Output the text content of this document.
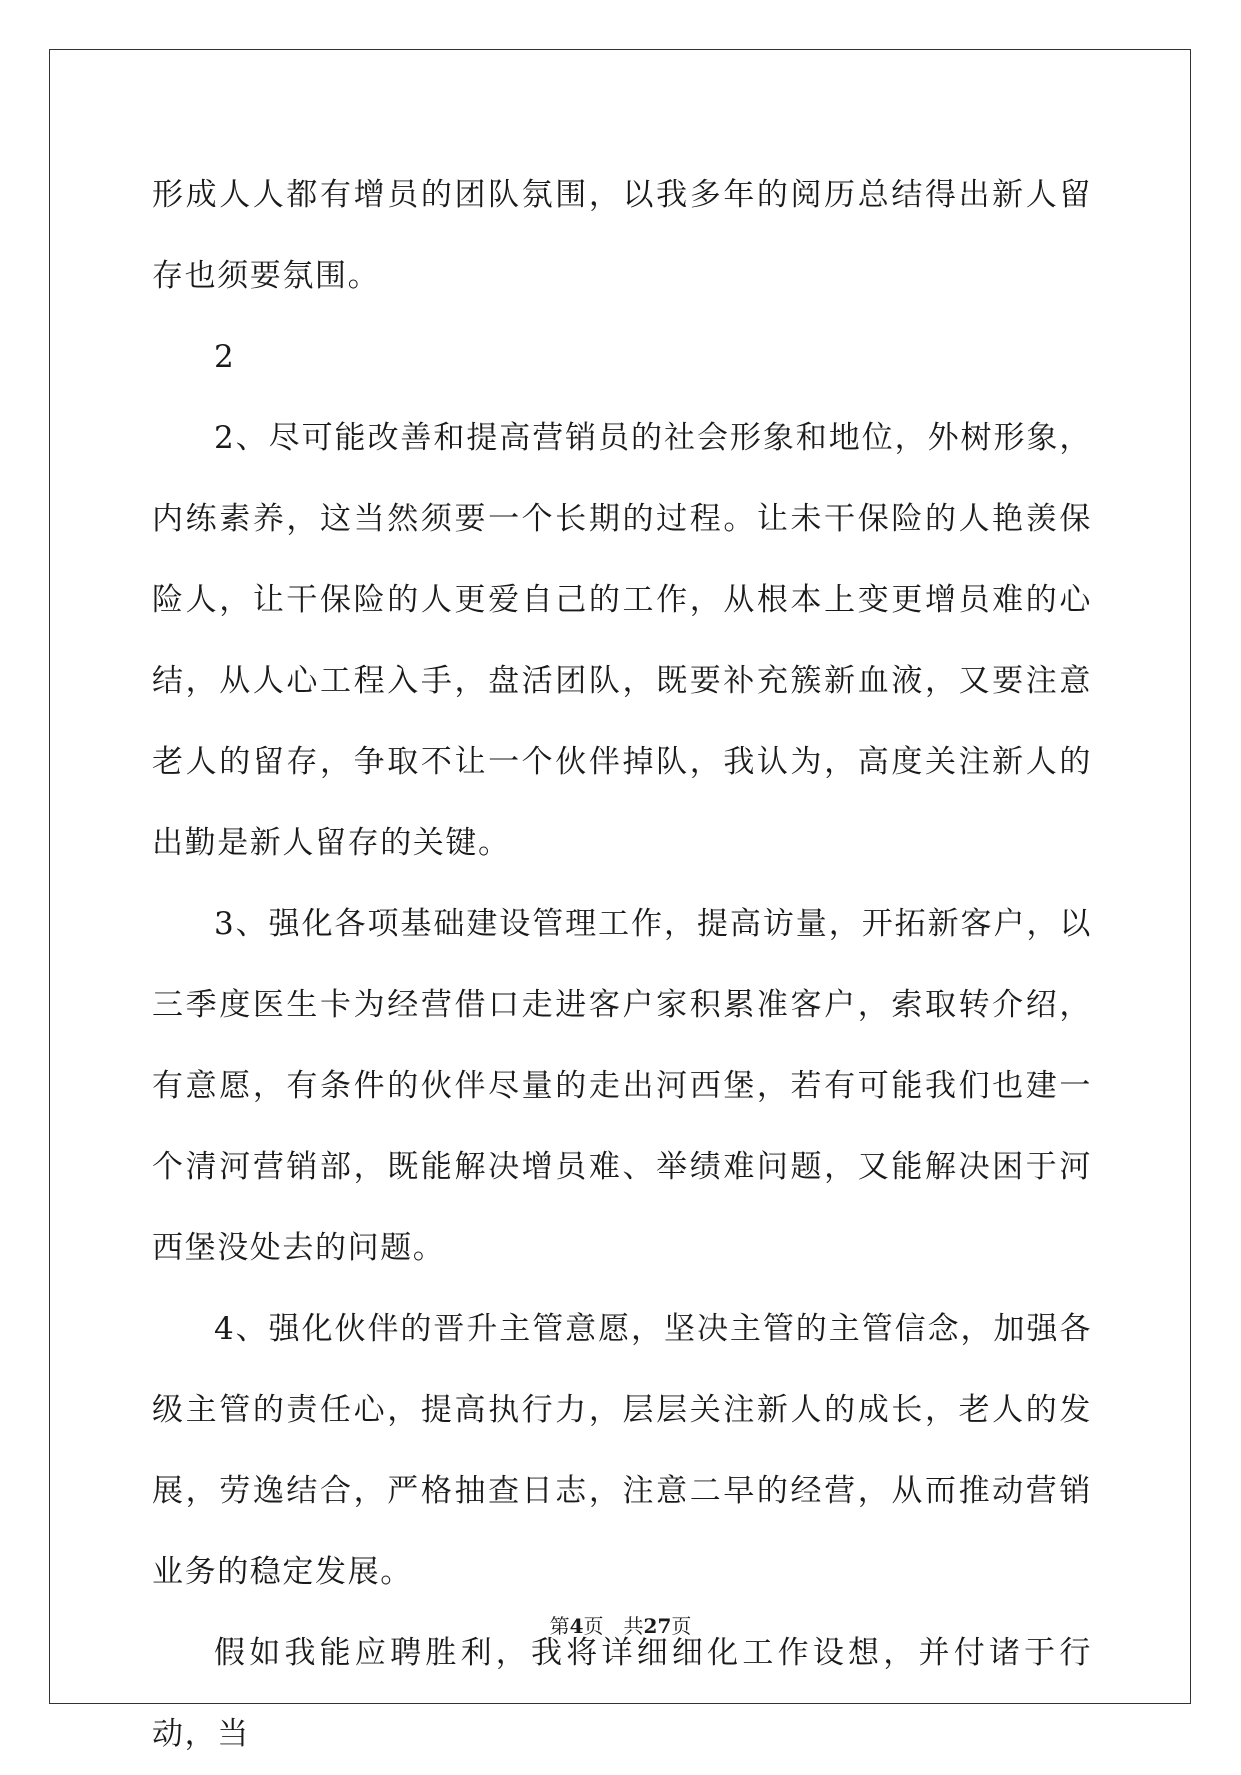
形成人人都有增员的团队氛围，以我多年的阅历总结得出新人留存也须要氛围。

2

2、尽可能改善和提高营销员的社会形象和地位，外树形象，内练素养，这当然须要一个长期的过程。让未干保险的人艳羡保险人，让干保险的人更爱自己的工作，从根本上变更增员难的心结，从人心工程入手，盘活团队，既要补充簇新血液，又要注意老人的留存，争取不让一个伙伴掉队，我认为，高度关注新人的出勤是新人留存的关键。

3、强化各项基础建设管理工作，提高访量，开拓新客户，以三季度医生卡为经营借口走进客户家积累准客户，索取转介绍，有意愿，有条件的伙伴尽量的走出河西堡，若有可能我们也建一个清河营销部，既能解决增员难、举绩难问题，又能解决困于河西堡没处去的问题。

4、强化伙伴的晋升主管意愿，坚决主管的主管信念，加强各级主管的责任心，提高执行力，层层关注新人的成长，老人的发展，劳逸结合，严格抽查日志，注意二早的经营，从而推动营销业务的稳定发展。

假如我能应聘胜利，我将详细细化工作设想，并付诸于行动，当

第4页 共27页
